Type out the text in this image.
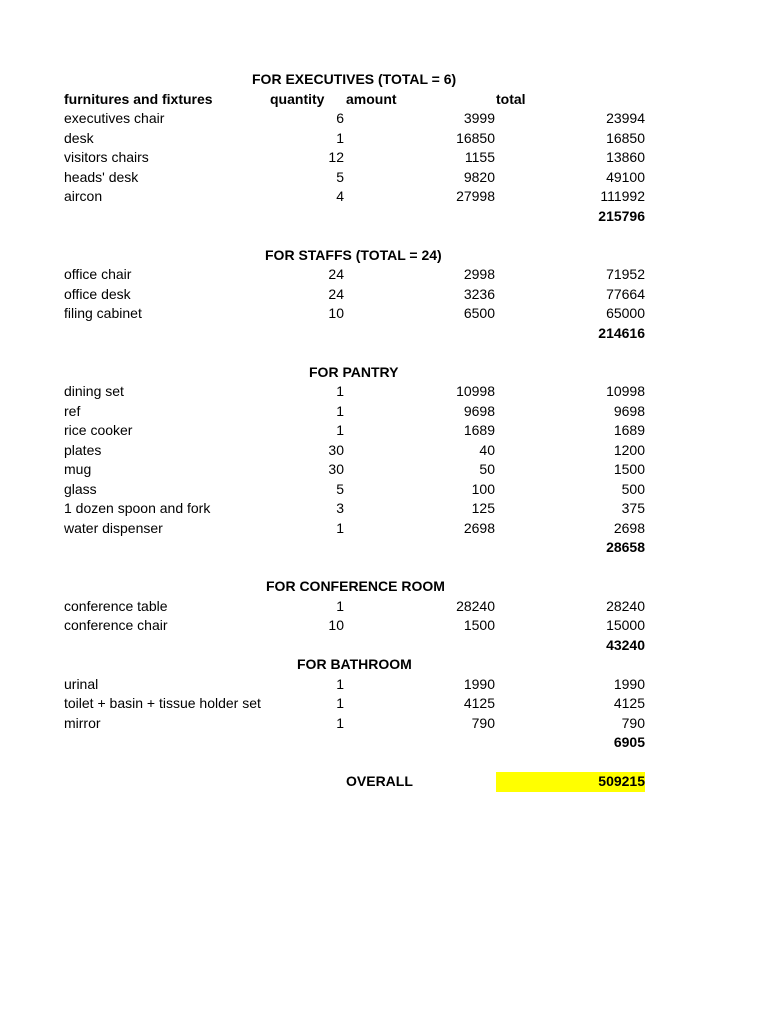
FOR EXECUTIVES (TOTAL = 6)
furnitures and fixtures	quantity amount	total
executives chair	6	3999	23994
desk	1	16850	16850
visitors chairs	12	1155	13860
heads' desk	5	9820	49100
aircon	4	27998	111992
215796
FOR STAFFS (TOTAL = 24)
office chair	24	2998	71952
office desk	24	3236	77664
filing cabinet	10	6500	65000
214616
FOR PANTRY
dining set	1	10998	10998
ref	1	9698	9698
rice cooker	1	1689	1689
plates	30	40	1200
mug	30	50	1500
glass	5	100	500
1 dozen spoon and fork	3	125	375
water dispenser	1	2698	2698
28658
FOR CONFERENCE ROOM
conference table	1	28240	28240
conference chair	10	1500	15000
43240
FOR BATHROOM
urinal	1	1990	1990
toilet + basin + tissue holder set	1	4125	4125
mirror	1	790	790
6905
OVERALL	509215
